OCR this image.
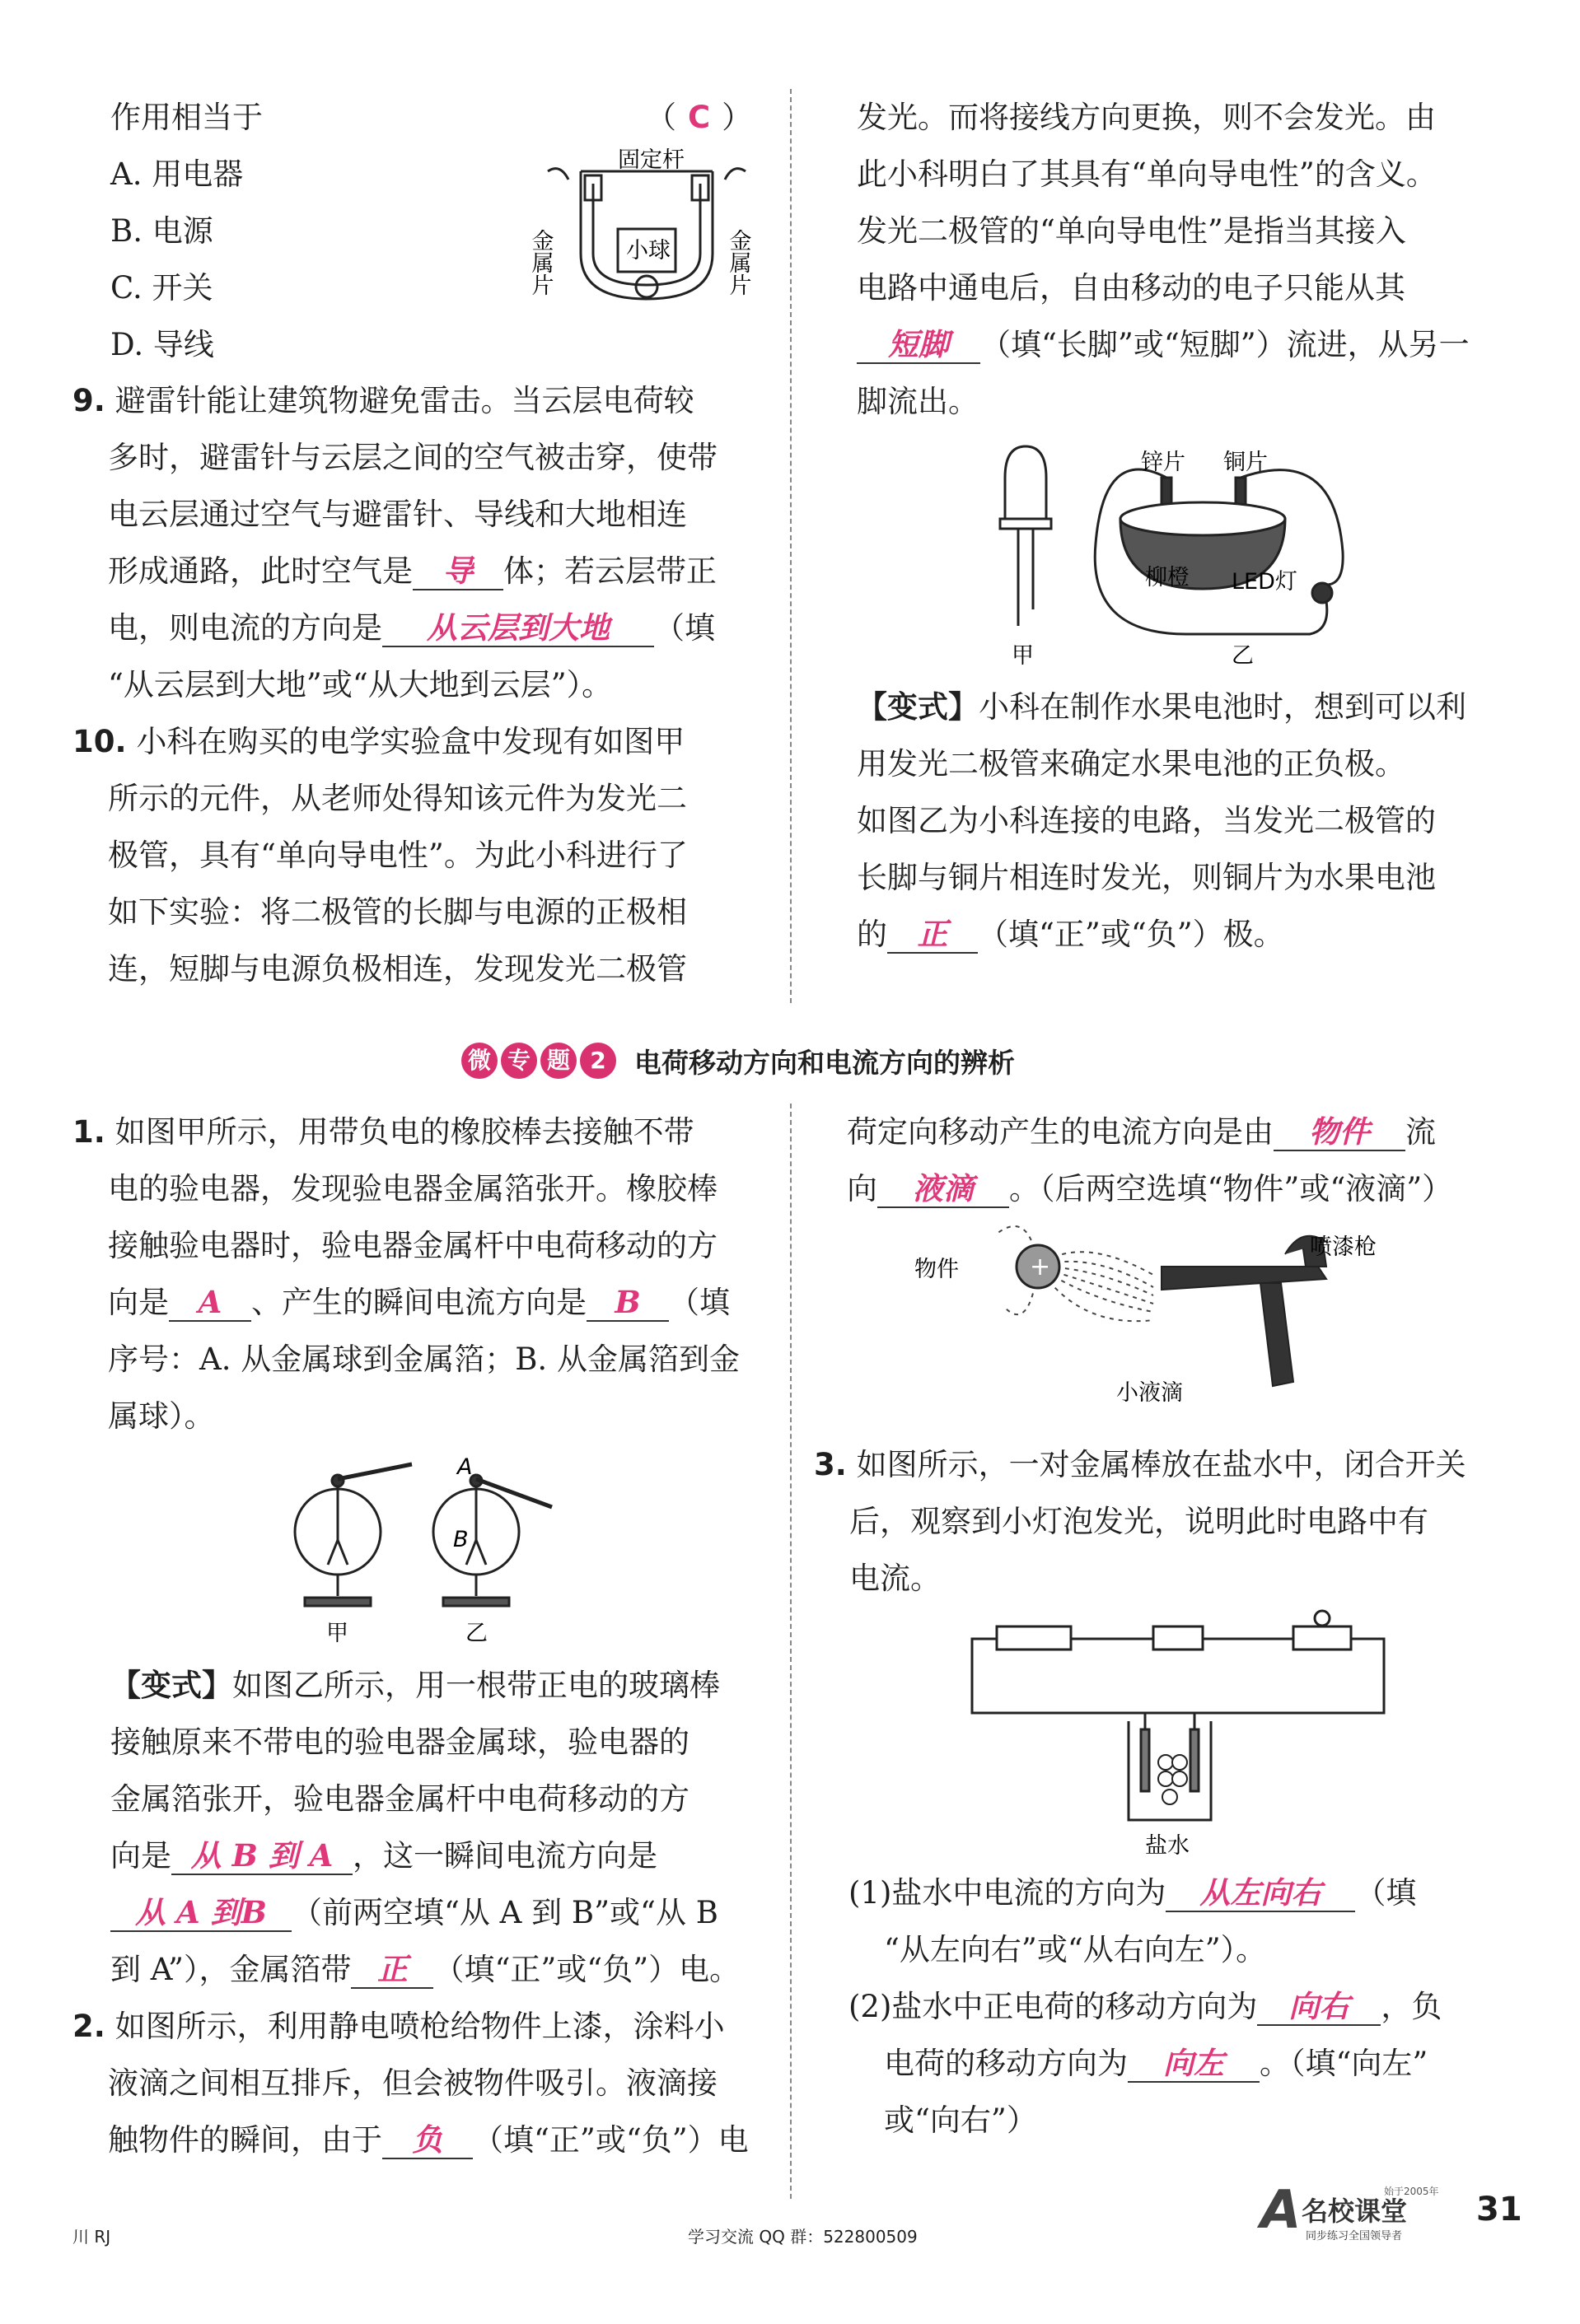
作用相当于	（ C ）
A. 用电器
B. 电源
C. 开关
D. 导线
固定杆
小球
金属片	金属片
9. 避雷针能让建筑物避免雷击。当云层电荷较
多时，避雷针与云层之间的空气被击穿，使带
电云层通过空气与避雷针、导线和大地相连
形成通路，此时空气是 导 体；若云层带正
电，则电流的方向是 从云层到大地 （填
“从云层到大地”或“从大地到云层”）。
10. 小科在购买的电学实验盒中发现有如图甲
所示的元件，从老师处得知该元件为发光二
极管，具有“单向导电性”。为此小科进行了
如下实验：将二极管的长脚与电源的正极相
连，短脚与电源负极相连，发现发光二极管
发光。而将接线方向更换，则不会发光。由
此小科明白了其具有“单向导电性”的含义。
发光二极管的“单向导电性”是指当其接入
电路中通电后，自由移动的电子只能从其
短脚 （填“长脚”或“短脚”）流进，从另一
脚流出。
锌片 铜片
柳橙 LED灯
甲	乙
【变式】小科在制作水果电池时，想到可以利
用发光二极管来确定水果电池的正负极。
如图乙为小科连接的电路，当发光二极管的
长脚与铜片相连时发光，则铜片为水果电池
的 正 （填“正”或“负”）极。
微 专 题 2	电荷移动方向和电流方向的辨析
1. 如图甲所示，用带负电的橡胶棒去接触不带
电的验电器，发现验电器金属箔张开。橡胶棒
接触验电器时，验电器金属杆中电荷移动的方
向是 A 、产生的瞬间电流方向是 B （填
序号：A. 从金属球到金属箔；B. 从金属箔到金
属球）。
A
B
甲	乙
【变式】如图乙所示，用一根带正电的玻璃棒
接触原来不带电的验电器金属球，验电器的
金属箔张开，验电器金属杆中电荷移动的方
向是 从 B 到 A ，这一瞬间电流方向是
从 A 到B （前两空填“从 A 到 B”或“从 B
到 A”），金属箔带 正 （填“正”或“负”）电。
2. 如图所示，利用静电喷枪给物件上漆，涂料小
液滴之间相互排斥，但会被物件吸引。液滴接
触物件的瞬间，由于 负 （填“正”或“负”）电
荷定向移动产生的电流方向是由 物件 流
向 液滴 。（后两空选填“物件”或“液滴”）
+
物件
喷漆枪
小液滴
3. 如图所示，一对金属棒放在盐水中，闭合开关
后，观察到小灯泡发光，说明此时电路中有
电流。
盐水
(1)盐水中电流的方向为 从左向右 （填
“从左向右”或“从右向左”）。
(2)盐水中正电荷的移动方向为 向右 ，负
电荷的移动方向为 向左 。（填“向左”
或“向右”）
川 RJ	学习交流 QQ 群：522800509	A 名校课堂
始于2005年
同步练习全国领导者
31
